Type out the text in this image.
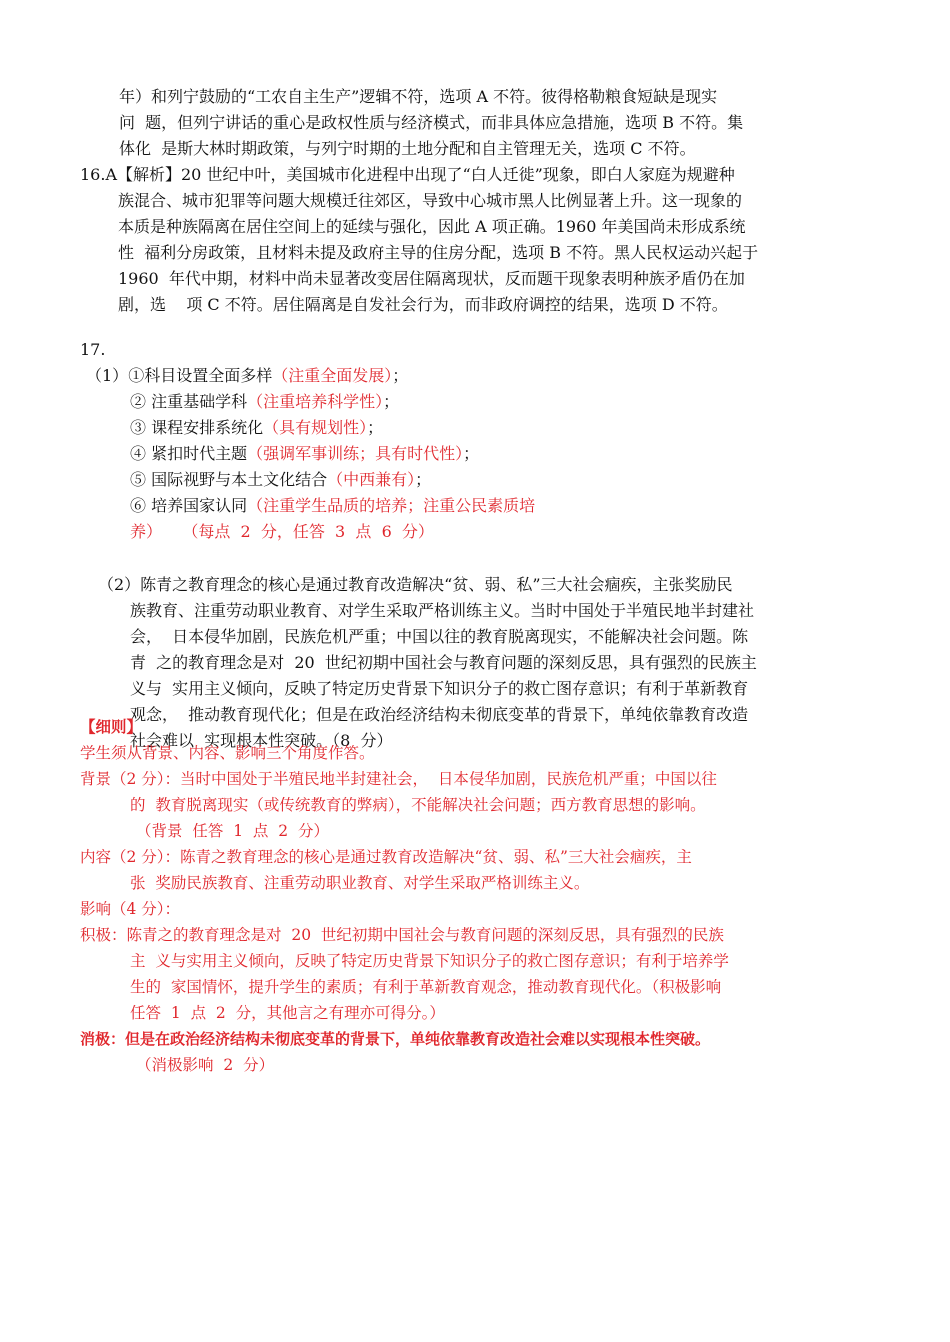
年）和列宁鼓励的“工农自主生产”逻辑不符，选项 A 不符。彼得格勒粮食短缺是现实
问  题，但列宁讲话的重心是政权性质与经济模式，而非具体应急措施，选项 B 不符。集
体化  是斯大林时期政策，与列宁时期的土地分配和自主管理无关，选项 C 不符。
16.A【解析】20 世纪中叶，美国城市化进程中出现了“白人迁徙”现象，即白人家庭为规避种
族混合、城市犯罪等问题大规模迁往郊区，导致中心城市黑人比例显著上升。这一现象的
本质是种族隔离在居住空间上的延续与强化，因此 A 项正确。1960 年美国尚未形成系统
性  福利分房政策，且材料未提及政府主导的住房分配，选项 B 不符。黑人民权运动兴起于
1960  年代中期，材料中尚未显著改变居住隔离现状，反而题干现象表明种族矛盾仍在加
剧，选    项 C 不符。居住隔离是自发社会行为，而非政府调控的结果，选项 D 不符。
17.
（1）①科目设置全面多样（注重全面发展）；
② 注重基础学科（注重培养科学性）；
③ 课程安排系统化（具有规划性）；
④ 紧扣时代主题（强调军事训练；具有时代性）；
⑤ 国际视野与本土文化结合（中西兼有）；
⑥ 培养国家认同（注重学生品质的培养；注重公民素质培
养）    （每点  2  分，任答  3  点  6  分）
（2）陈青之教育理念的核心是通过教育改造解决“贫、弱、私”三大社会痼疾，主张奖励民
族教育、注重劳动职业教育、对学生采取严格训练主义。当时中国处于半殖民地半封建社
会，  日本侵华加剧，民族危机严重；中国以往的教育脱离现实，不能解决社会问题。陈
青  之的教育理念是对  20  世纪初期中国社会与教育问题的深刻反思，具有强烈的民族主
义与  实用主义倾向，反映了特定历史背景下知识分子的救亡图存意识；有利于革新教育
观念，  推动教育现代化；但是在政治经济结构未彻底变革的背景下，单纯依靠教育改造
社会难以  实现根本性突破。（8  分）
【细则】
学生须从背景、内容、影响三个角度作答。
背景（2 分）：当时中国处于半殖民地半封建社会，  日本侵华加剧，民族危机严重；中国以往
的  教育脱离现实（或传统教育的弊病），不能解决社会问题；西方教育思想的影响。
（背景  任答  1  点  2  分）
内容（2 分）：陈青之教育理念的核心是通过教育改造解决“贫、弱、私”三大社会痼疾，主
张  奖励民族教育、注重劳动职业教育、对学生采取严格训练主义。
影响（4 分）：
积极：陈青之的教育理念是对  20  世纪初期中国社会与教育问题的深刻反思，具有强烈的民族
主  义与实用主义倾向，反映了特定历史背景下知识分子的救亡图存意识；有利于培养学
生的  家国情怀，提升学生的素质；有利于革新教育观念，推动教育现代化。（积极影响
任答  1  点  2  分，其他言之有理亦可得分。）
消极：但是在政治经济结构未彻底变革的背景下，单纯依靠教育改造社会难以实现根本性突破。
（消极影响  2  分）
